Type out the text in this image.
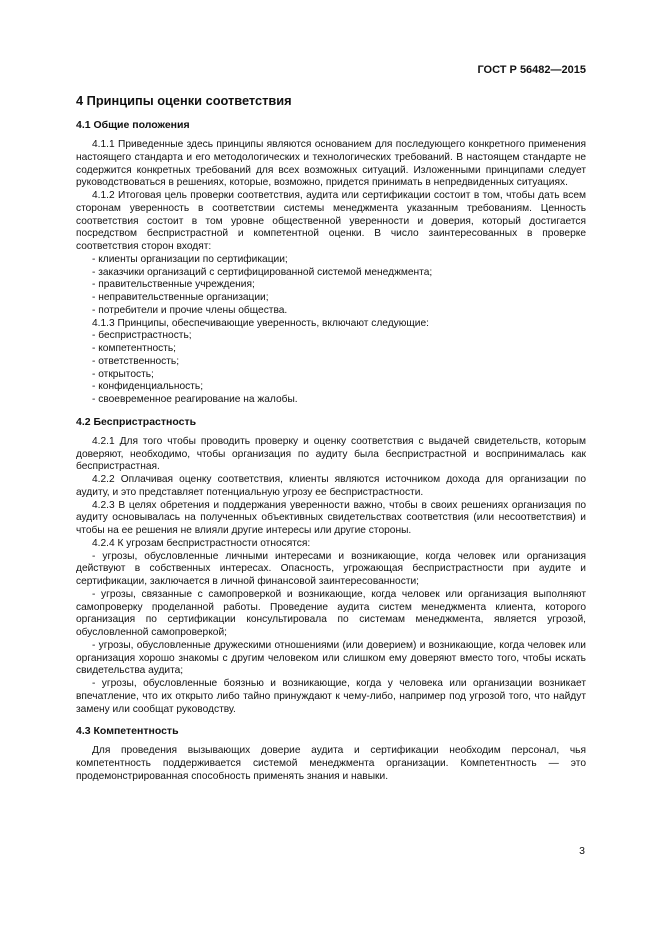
ГОСТ Р 56482—2015
4 Принципы оценки соответствия
4.1 Общие положения

4.1.1 Приведенные здесь принципы являются основанием для последующего конкретного применения настоящего стандарта и его методологических и технологических требований. В настоящем стандарте не содержится конкретных требований для всех возможных ситуаций. Изложенными принципами следует руководствоваться в решениях, которые, возможно, придется принимать в непредвиденных ситуациях.

4.1.2 Итоговая цель проверки соответствия, аудита или сертификации состоит в том, чтобы дать всем сторонам уверенность в соответствии системы менеджмента указанным требованиям. Ценность соответствия состоит в том уровне общественной уверенности и доверия, который достигается посредством беспристрастной и компетентной оценки. В число заинтересованных в проверке соответствия сторон входят:

- клиенты организации по сертификации;

- заказчики организаций с сертифицированной системой менеджмента;

- правительственные учреждения;

- неправительственные организации;

- потребители и прочие члены общества.

4.1.3 Принципы, обеспечивающие уверенность, включают следующие:

- беспристрастность;

- компетентность;

- ответственность;

- открытость;

- конфиденциальность;

- своевременное реагирование на жалобы.

4.2 Беспристрастность

4.2.1 Для того чтобы проводить проверку и оценку соответствия с выдачей свидетельств, которым доверяют, необходимо, чтобы организация по аудиту была беспристрастной и воспринималась как беспристрастная.

4.2.2 Оплачивая оценку соответствия, клиенты являются источником дохода для организации по аудиту, и это представляет потенциальную угрозу ее беспристрастности.

4.2.3 В целях обретения и поддержания уверенности важно, чтобы в своих решениях организация по аудиту основывалась на полученных объективных свидетельствах соответствия (или несоответствия) и чтобы на ее решения не влияли другие интересы или другие стороны.

4.2.4 К угрозам беспристрастности относятся:

- угрозы, обусловленные личными интересами и возникающие, когда человек или организация действуют в собственных интересах. Опасность, угрожающая беспристрастности при аудите и сертификации, заключается в личной финансовой заинтересованности;

- угрозы, связанные с самопроверкой и возникающие, когда человек или организация выполняют самопроверку проделанной работы. Проведение аудита систем менеджмента клиента, которого организация по сертификации консультировала по системам менеджмента, является угрозой, обусловленной самопроверкой;

- угрозы, обусловленные дружескими отношениями (или доверием) и возникающие, когда человек или организация хорошо знакомы с другим человеком или слишком ему доверяют вместо того, чтобы искать свидетельства аудита;

- угрозы, обусловленные боязнью и возникающие, когда у человека или организации возникает впечатление, что их открыто либо тайно принуждают к чему-либо, например под угрозой того, что найдут замену или сообщат руководству.

4.3 Компетентность

Для проведения вызывающих доверие аудита и сертификации необходим персонал, чья компетентность поддерживается системой менеджмента организации. Компетентность — это продемонстрированная способность применять знания и навыки.

3
